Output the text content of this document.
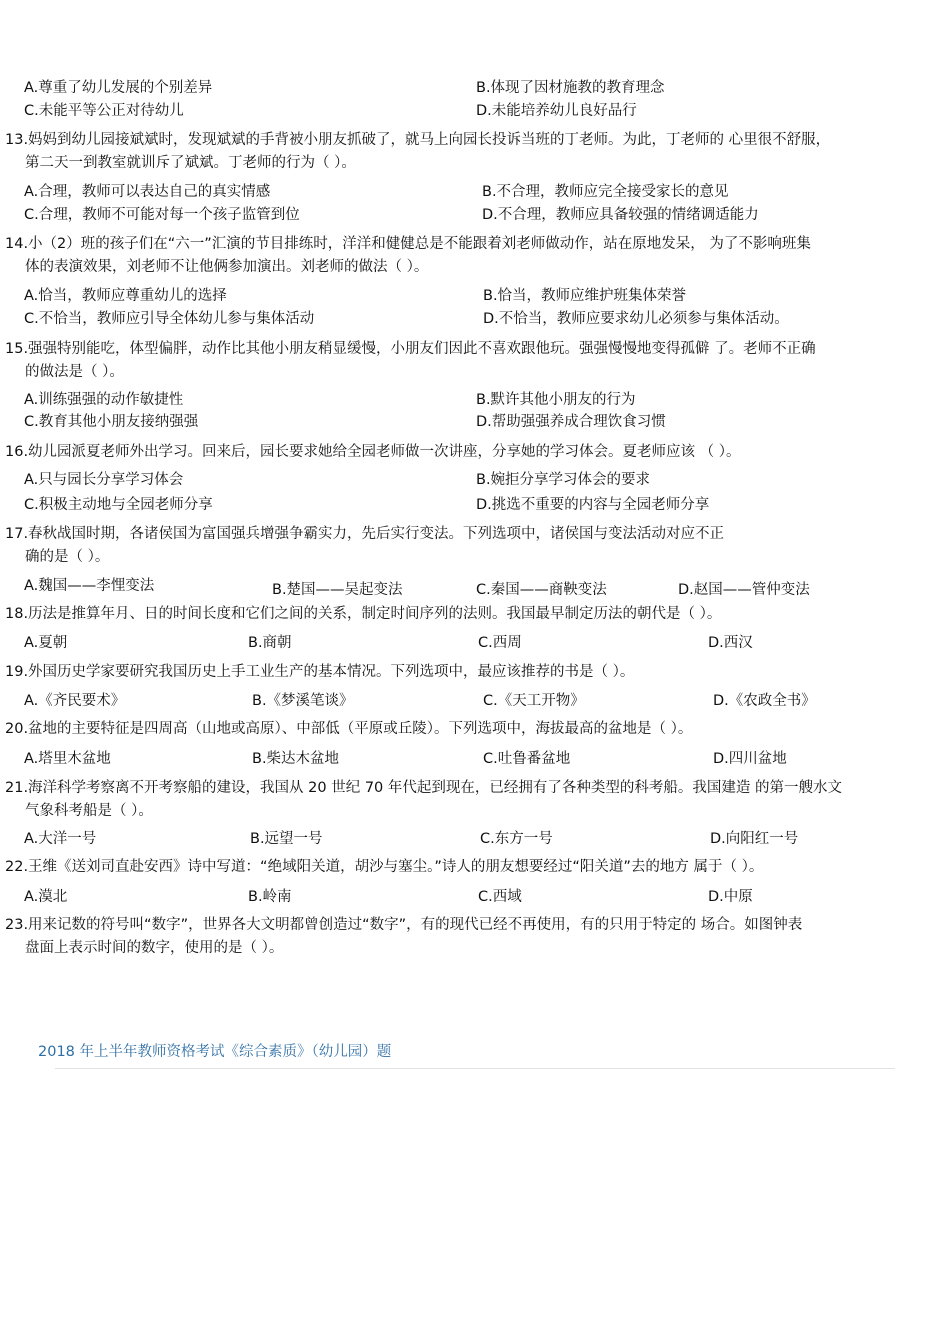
A.尊重了幼儿发展的个别差异	B.体现了因材施教的教育理念
C.未能平等公正对待幼儿	D.未能培养幼儿良好品行

13.妈妈到幼儿园接斌斌时，发现斌斌的手背被小朋友抓破了，就马上向园长投诉当班的丁老师。为此，丁老师的 心里很不舒服，
第二天一到教室就训斥了斌斌。丁老师的行为（ ）。

A.合理，教师可以表达自己的真实情感	B.不合理，教师应完全接受家长的意见
C.合理，教师不可能对每一个孩子监管到位	D.不合理，教师应具备较强的情绪调适能力

14.小（2）班的孩子们在“六一”汇演的节目排练时，洋洋和健健总是不能跟着刘老师做动作，站在原地发呆， 为了不影响班集
体的表演效果，刘老师不让他俩参加演出。刘老师的做法（ ）。

A.恰当，教师应尊重幼儿的选择	B.恰当，教师应维护班集体荣誉
C.不恰当，教师应引导全体幼儿参与集体活动	D.不恰当，教师应要求幼儿必须参与集体活动。

15.强强特别能吃，体型偏胖，动作比其他小朋友稍显缓慢，小朋友们因此不喜欢跟他玩。强强慢慢地变得孤僻 了。老师不正确
的做法是（ ）。

A.训练强强的动作敏捷性	B.默许其他小朋友的行为
C.教育其他小朋友接纳强强	D.帮助强强养成合理饮食习惯

16.幼儿园派夏老师外出学习。回来后，园长要求她给全园老师做一次讲座，分享她的学习体会。夏老师应该 （ ）。

A.只与园长分享学习体会	B.婉拒分享学习体会的要求
C.积极主动地与全园老师分享	D.挑选不重要的内容与全园老师分享

17.春秋战国时期，各诸侯国为富国强兵增强争霸实力，先后实行变法。下列选项中，诸侯国与变法活动对应不正
确的是（ ）。

A.魏国——李悝变法	B.楚国——吴起变法	C.秦国——商鞅变法	D.赵国——管仲变法

18.历法是推算年月、日的时间长度和它们之间的关系，制定时间序列的法则。我国最早制定历法的朝代是（ ）。

A.夏朝	B.商朝	C.西周	D.西汉

19.外国历史学家要研究我国历史上手工业生产的基本情况。下列选项中，最应该推荐的书是（ ）。

A.《齐民要术》	B.《梦溪笔谈》	C.《天工开物》	D.《农政全书》

20.盆地的主要特征是四周高（山地或高原）、中部低（平原或丘陵）。下列选项中，海拔最高的盆地是（ ）。

A.塔里木盆地	B.柴达木盆地	C.吐鲁番盆地	D.四川盆地

21.海洋科学考察离不开考察船的建设，我国从 20 世纪 70 年代起到现在，已经拥有了各种类型的科考船。我国建造 的第一艘水文
气象科考船是（ ）。

A.大洋一号	B.远望一号	C.东方一号	D.向阳红一号

22.王维《送刘司直赴安西》诗中写道：“绝域阳关道，胡沙与塞尘。”诗人的朋友想要经过“阳关道”去的地方 属于（ ）。

A.漠北	B.岭南	C.西域	D.中原

23.用来记数的符号叫“数字”，世界各大文明都曾创造过“数字”，有的现代已经不再使用，有的只用于特定的 场合。如图钟表
盘面上表示时间的数字，使用的是（ ）。

2018 年上半年教师资格考试《综合素质》（幼儿园）题
